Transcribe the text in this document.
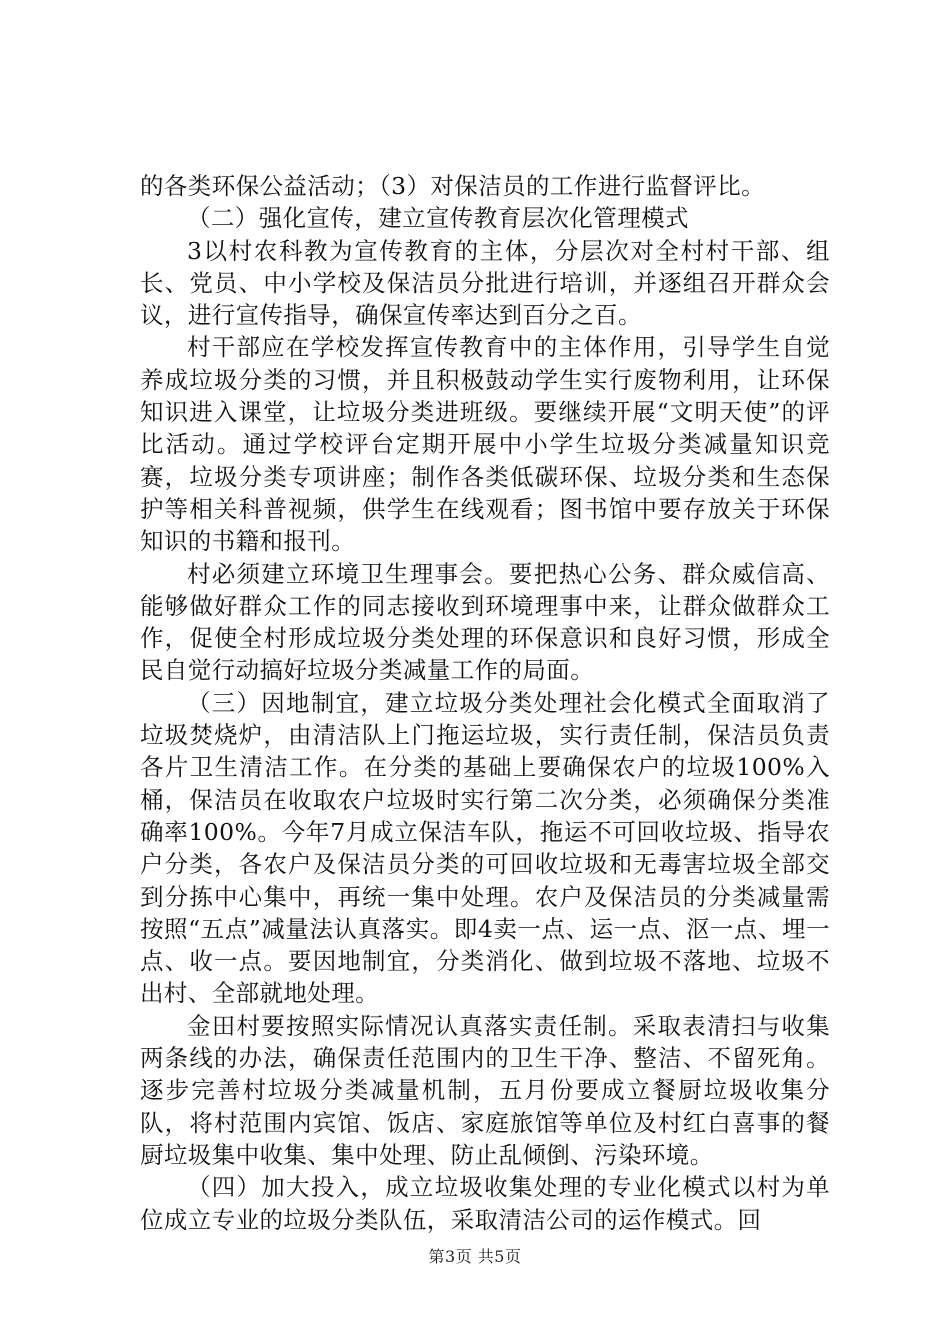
的各类环保公益活动；（3）对保洁员的工作进行监督评比。

（二）强化宣传，建立宣传教育层次化管理模式

3以村农科教为宣传教育的主体，分层次对全村村干部、组长、党员、中小学校及保洁员分批进行培训，并逐组召开群众会议，进行宣传指导，确保宣传率达到百分之百。

村干部应在学校发挥宣传教育中的主体作用，引导学生自觉养成垃圾分类的习惯，并且积极鼓动学生实行废物利用，让环保知识进入课堂，让垃圾分类进班级。要继续开展“文明天使”的评比活动。通过学校评台定期开展中小学生垃圾分类减量知识竞赛，垃圾分类专项讲座；制作各类低碳环保、垃圾分类和生态保护等相关科普视频，供学生在线观看；图书馆中要存放关于环保知识的书籍和报刊。

村必须建立环境卫生理事会。要把热心公务、群众威信高、能够做好群众工作的同志接收到环境理事中来，让群众做群众工作，促使全村形成垃圾分类处理的环保意识和良好习惯，形成全民自觉行动搞好垃圾分类减量工作的局面。

（三）因地制宜，建立垃圾分类处理社会化模式全面取消了垃圾焚烧炉，由清洁队上门拖运垃圾，实行责任制，保洁员负责各片卫生清洁工作。在分类的基础上要确保农户的垃圾100%入桶，保洁员在收取农户垃圾时实行第二次分类，必须确保分类准确率100%。今年7月成立保洁车队，拖运不可回收垃圾、指导农户分类，各农户及保洁员分类的可回收垃圾和无毒害垃圾全部交到分拣中心集中，再统一集中处理。农户及保洁员的分类减量需按照“五点”减量法认真落实。即4卖一点、运一点、沤一点、埋一点、收一点。要因地制宜，分类消化、做到垃圾不落地、垃圾不出村、全部就地处理。

金田村要按照实际情况认真落实责任制。采取表清扫与收集两条线的办法，确保责任范围内的卫生干净、整洁、不留死角。逐步完善村垃圾分类减量机制，五月份要成立餐厨垃圾收集分队，将村范围内宾馆、饭店、家庭旅馆等单位及村红白喜事的餐厨垃圾集中收集、集中处理、防止乱倾倒、污染环境。

（四）加大投入，成立垃圾收集处理的专业化模式以村为单位成立专业的垃圾分类队伍，采取清洁公司的运作模式。回

第3页 共5页
